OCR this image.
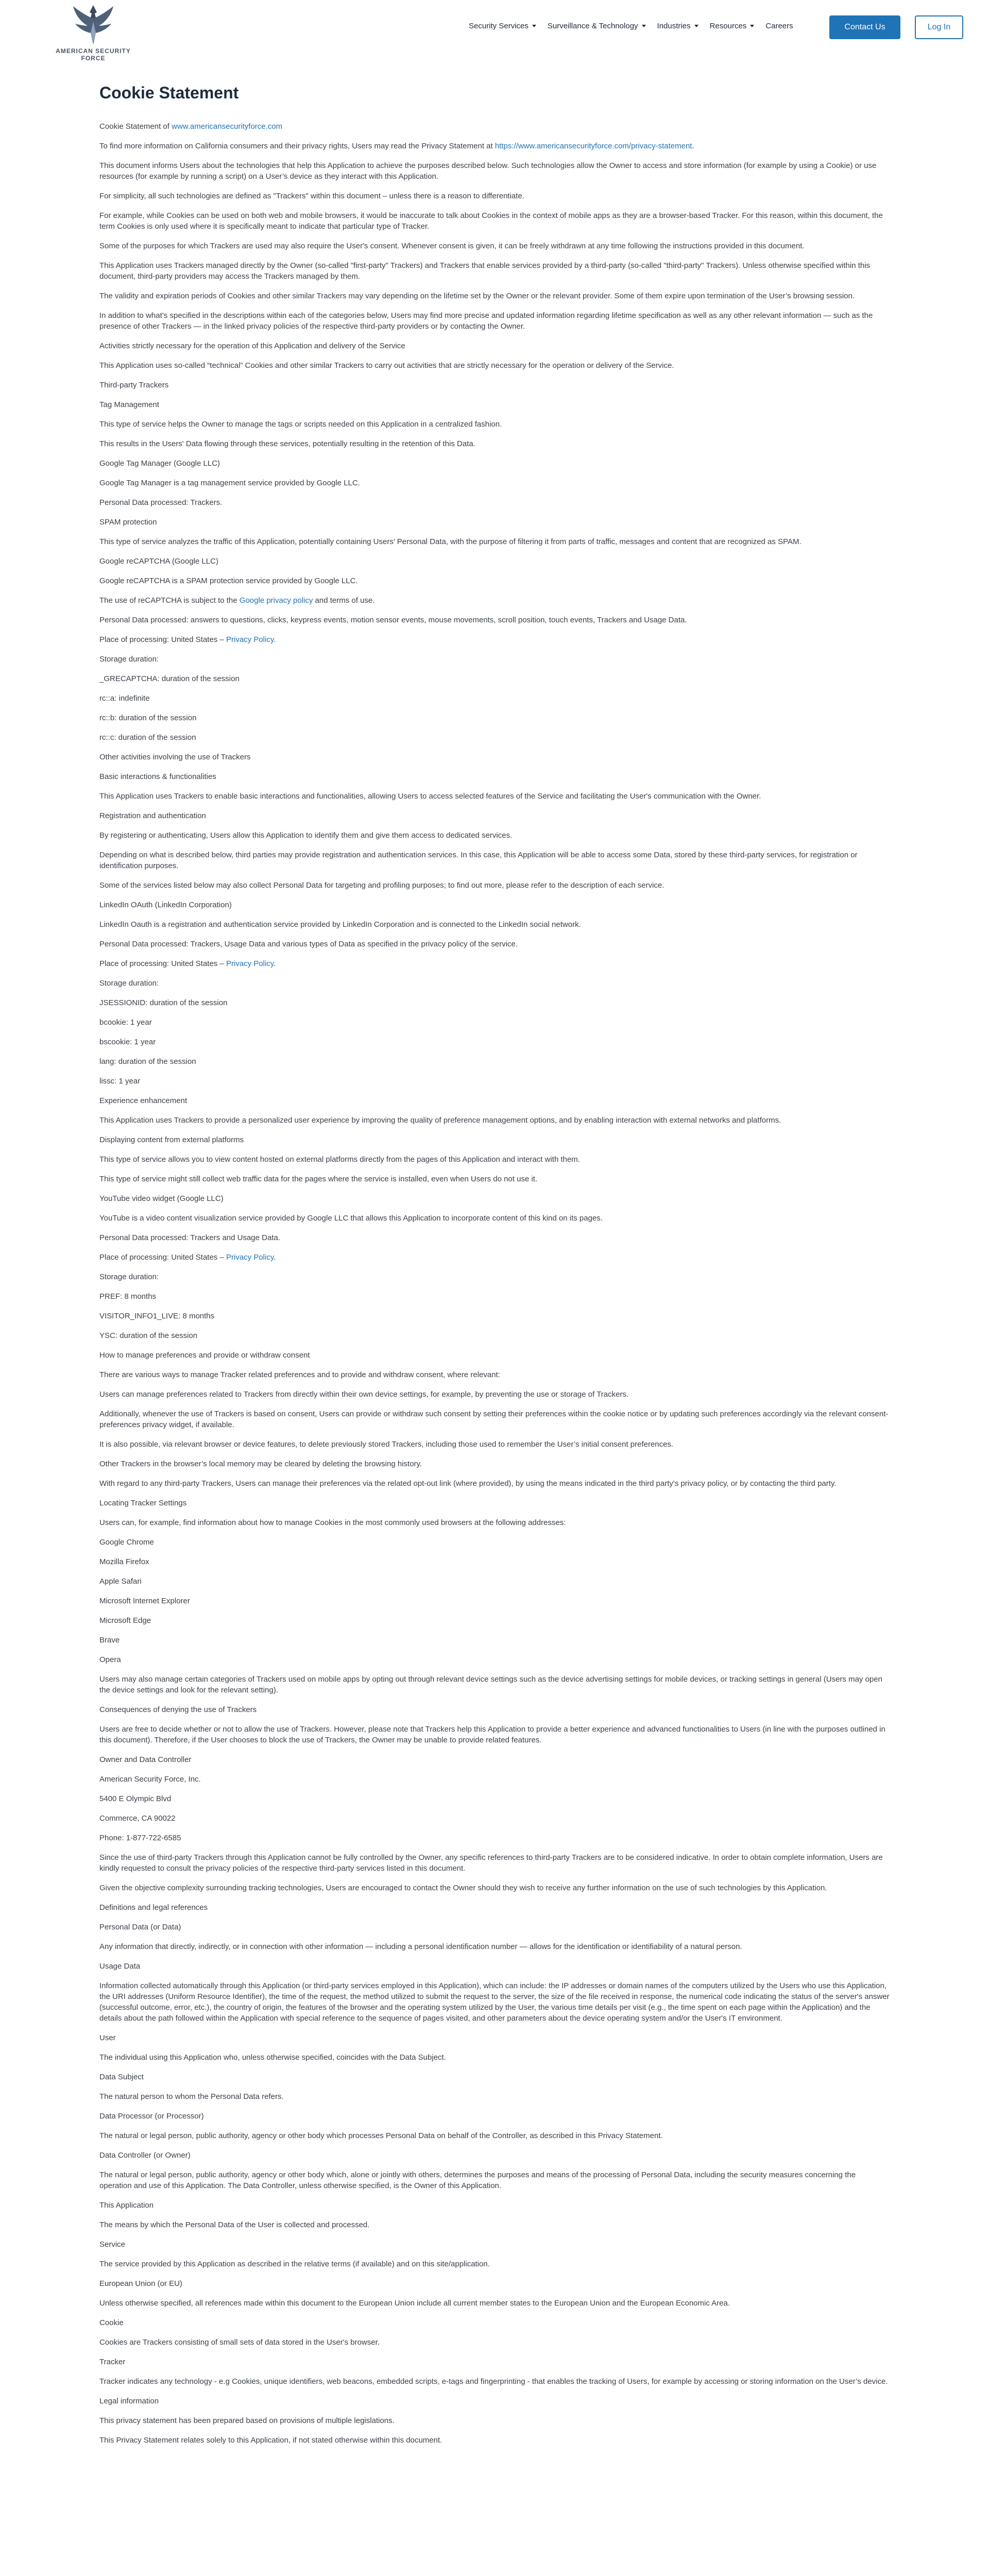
AMERICAN SECURITY FORCE
Security Services Surveillance & Technology Industries Resources Careers	Contact Us	Log In
Cookie Statement

Cookie Statement of www.americansecurityforce.com

To find more information on California consumers and their privacy rights, Users may read the Privacy Statement at https://www.americansecurityforce.com/privacy-statement.

This document informs Users about the technologies that help this Application to achieve the purposes described below. Such technologies allow the Owner to access and store information (for example by using a Cookie) or use resources (for example by running a script) on a User’s device as they interact with this Application.

For simplicity, all such technologies are defined as "Trackers" within this document – unless there is a reason to differentiate.

For example, while Cookies can be used on both web and mobile browsers, it would be inaccurate to talk about Cookies in the context of mobile apps as they are a browser-based Tracker. For this reason, within this document, the term Cookies is only used where it is specifically meant to indicate that particular type of Tracker.

Some of the purposes for which Trackers are used may also require the User's consent. Whenever consent is given, it can be freely withdrawn at any time following the instructions provided in this document.

This Application uses Trackers managed directly by the Owner (so-called "first-party" Trackers) and Trackers that enable services provided by a third-party (so-called "third-party" Trackers). Unless otherwise specified within this document, third-party providers may access the Trackers managed by them.

The validity and expiration periods of Cookies and other similar Trackers may vary depending on the lifetime set by the Owner or the relevant provider. Some of them expire upon termination of the User’s browsing session.

In addition to what’s specified in the descriptions within each of the categories below, Users may find more precise and updated information regarding lifetime specification as well as any other relevant information — such as the presence of other Trackers — in the linked privacy policies of the respective third-party providers or by contacting the Owner.

Activities strictly necessary for the operation of this Application and delivery of the Service

This Application uses so-called “technical” Cookies and other similar Trackers to carry out activities that are strictly necessary for the operation or delivery of the Service.

Third-party Trackers

Tag Management

This type of service helps the Owner to manage the tags or scripts needed on this Application in a centralized fashion.

This results in the Users' Data flowing through these services, potentially resulting in the retention of this Data.

Google Tag Manager (Google LLC)

Google Tag Manager is a tag management service provided by Google LLC.

Personal Data processed: Trackers.

SPAM protection

This type of service analyzes the traffic of this Application, potentially containing Users’ Personal Data, with the purpose of filtering it from parts of traffic, messages and content that are recognized as SPAM.

Google reCAPTCHA (Google LLC)

Google reCAPTCHA is a SPAM protection service provided by Google LLC.

The use of reCAPTCHA is subject to the Google privacy policy and terms of use.

Personal Data processed: answers to questions, clicks, keypress events, motion sensor events, mouse movements, scroll position, touch events, Trackers and Usage Data.

Place of processing: United States – Privacy Policy.

Storage duration:

_GRECAPTCHA: duration of the session

rc::a: indefinite

rc::b: duration of the session

rc::c: duration of the session

Other activities involving the use of Trackers

Basic interactions & functionalities

This Application uses Trackers to enable basic interactions and functionalities, allowing Users to access selected features of the Service and facilitating the User's communication with the Owner.

Registration and authentication

By registering or authenticating, Users allow this Application to identify them and give them access to dedicated services.

Depending on what is described below, third parties may provide registration and authentication services. In this case, this Application will be able to access some Data, stored by these third-party services, for registration or identification purposes.

Some of the services listed below may also collect Personal Data for targeting and profiling purposes; to find out more, please refer to the description of each service.

LinkedIn OAuth (LinkedIn Corporation)

LinkedIn Oauth is a registration and authentication service provided by LinkedIn Corporation and is connected to the LinkedIn social network.

Personal Data processed: Trackers, Usage Data and various types of Data as specified in the privacy policy of the service.

Place of processing: United States – Privacy Policy.

Storage duration:

JSESSIONID: duration of the session

bcookie: 1 year

bscookie: 1 year

lang: duration of the session

lissc: 1 year

Experience enhancement

This Application uses Trackers to provide a personalized user experience by improving the quality of preference management options, and by enabling interaction with external networks and platforms.

Displaying content from external platforms

This type of service allows you to view content hosted on external platforms directly from the pages of this Application and interact with them.

This type of service might still collect web traffic data for the pages where the service is installed, even when Users do not use it.

YouTube video widget (Google LLC)

YouTube is a video content visualization service provided by Google LLC that allows this Application to incorporate content of this kind on its pages.

Personal Data processed: Trackers and Usage Data.

Place of processing: United States – Privacy Policy.

Storage duration:

PREF: 8 months

VISITOR_INFO1_LIVE: 8 months

YSC: duration of the session

How to manage preferences and provide or withdraw consent

There are various ways to manage Tracker related preferences and to provide and withdraw consent, where relevant:

Users can manage preferences related to Trackers from directly within their own device settings, for example, by preventing the use or storage of Trackers.

Additionally, whenever the use of Trackers is based on consent, Users can provide or withdraw such consent by setting their preferences within the cookie notice or by updating such preferences accordingly via the relevant consent-preferences privacy widget, if available.

It is also possible, via relevant browser or device features, to delete previously stored Trackers, including those used to remember the User’s initial consent preferences.

Other Trackers in the browser’s local memory may be cleared by deleting the browsing history.

With regard to any third-party Trackers, Users can manage their preferences via the related opt-out link (where provided), by using the means indicated in the third party's privacy policy, or by contacting the third party.

Locating Tracker Settings

Users can, for example, find information about how to manage Cookies in the most commonly used browsers at the following addresses:

Google Chrome

Mozilla Firefox

Apple Safari

Microsoft Internet Explorer

Microsoft Edge

Brave

Opera

Users may also manage certain categories of Trackers used on mobile apps by opting out through relevant device settings such as the device advertising settings for mobile devices, or tracking settings in general (Users may open the device settings and look for the relevant setting).

Consequences of denying the use of Trackers

Users are free to decide whether or not to allow the use of Trackers. However, please note that Trackers help this Application to provide a better experience and advanced functionalities to Users (in line with the purposes outlined in this document). Therefore, if the User chooses to block the use of Trackers, the Owner may be unable to provide related features.

Owner and Data Controller

American Security Force, Inc.

5400 E Olympic Blvd

Commerce, CA 90022

Phone: 1-877-722-6585

Since the use of third-party Trackers through this Application cannot be fully controlled by the Owner, any specific references to third-party Trackers are to be considered indicative. In order to obtain complete information, Users are kindly requested to consult the privacy policies of the respective third-party services listed in this document.

Given the objective complexity surrounding tracking technologies, Users are encouraged to contact the Owner should they wish to receive any further information on the use of such technologies by this Application.

Definitions and legal references

Personal Data (or Data)

Any information that directly, indirectly, or in connection with other information — including a personal identification number — allows for the identification or identifiability of a natural person.

Usage Data

Information collected automatically through this Application (or third-party services employed in this Application), which can include: the IP addresses or domain names of the computers utilized by the Users who use this Application, the URI addresses (Uniform Resource Identifier), the time of the request, the method utilized to submit the request to the server, the size of the file received in response, the numerical code indicating the status of the server's answer (successful outcome, error, etc.), the country of origin, the features of the browser and the operating system utilized by the User, the various time details per visit (e.g., the time spent on each page within the Application) and the details about the path followed within the Application with special reference to the sequence of pages visited, and other parameters about the device operating system and/or the User's IT environment.

User

The individual using this Application who, unless otherwise specified, coincides with the Data Subject.

Data Subject

The natural person to whom the Personal Data refers.

Data Processor (or Processor)

The natural or legal person, public authority, agency or other body which processes Personal Data on behalf of the Controller, as described in this Privacy Statement.

Data Controller (or Owner)

The natural or legal person, public authority, agency or other body which, alone or jointly with others, determines the purposes and means of the processing of Personal Data, including the security measures concerning the operation and use of this Application. The Data Controller, unless otherwise specified, is the Owner of this Application.

This Application

The means by which the Personal Data of the User is collected and processed.

Service

The service provided by this Application as described in the relative terms (if available) and on this site/application.

European Union (or EU)

Unless otherwise specified, all references made within this document to the European Union include all current member states to the European Union and the European Economic Area.

Cookie

Cookies are Trackers consisting of small sets of data stored in the User's browser.

Tracker

Tracker indicates any technology - e.g Cookies, unique identifiers, web beacons, embedded scripts, e-tags and fingerprinting - that enables the tracking of Users, for example by accessing or storing information on the User’s device.

Legal information

This privacy statement has been prepared based on provisions of multiple legislations.

This Privacy Statement relates solely to this Application, if not stated otherwise within this document.
